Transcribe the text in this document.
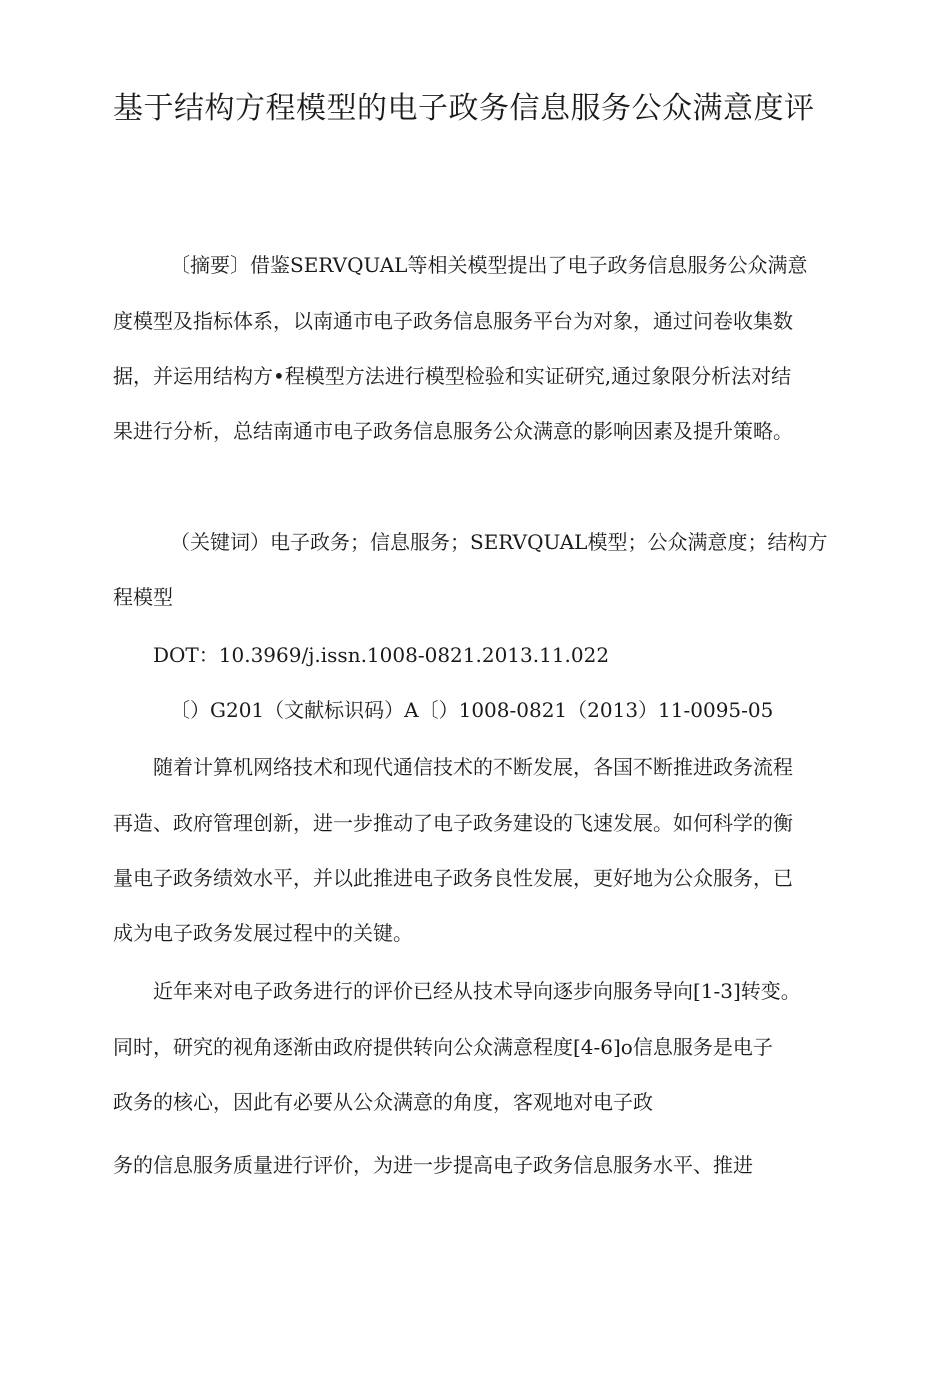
基于结构方程模型的电子政务信息服务公众满意度评

〔摘要〕借鉴SERVQUAL等相关模型提出了电子政务信息服务公众满意

度模型及指标体系，以南通市电子政务信息服务平台为对象，通过问卷收集数

据，并运用结构方•程模型方法进行模型检验和实证研究,通过象限分析法对结

果进行分析，总结南通市电子政务信息服务公众满意的影响因素及提升策略。

（关键词）电子政务；信息服务；SERVQUAL模型；公众满意度；结构方

程模型

DOT：10.3969/j.issn.1008-0821.2013.11.022

〔）G201（文献标识码）A〔）1008-0821（2013）11-0095-05

随着计算机网络技术和现代通信技术的不断发展，各国不断推进政务流程

再造、政府管理创新，进一步推动了电子政务建设的飞速发展。如何科学的衡

量电子政务绩效水平，并以此推进电子政务良性发展，更好地为公众服务，已

成为电子政务发展过程中的关键。

近年来对电子政务进行的评价已经从技术导向逐步向服务导向[1-3]转变。

同时，研究的视角逐渐由政府提供转向公众满意程度[4-6]o信息服务是电子

政务的核心，因此有必要从公众满意的角度，客观地对电子政

务的信息服务质量进行评价，为进一步提高电子政务信息服务水平、推进
